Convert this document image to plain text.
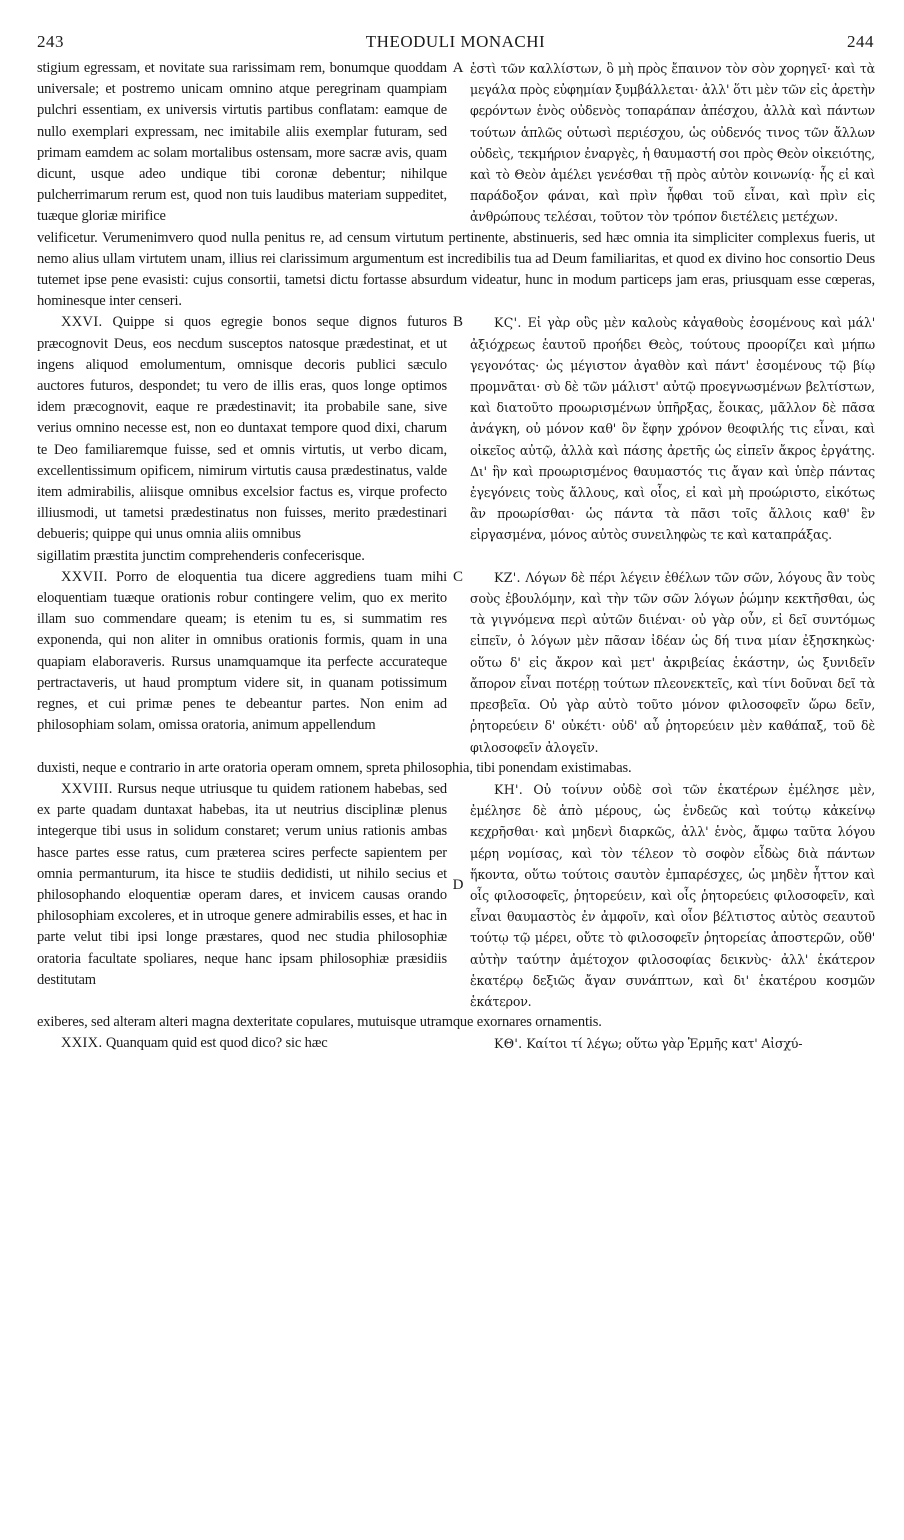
243	THEODULI MONACHI	244
A

stigium egressam, et novitate sua rarissimam rem, bonumque quoddam universale; et postremo unicam omnino atque peregrinam quampiam pulchri essentiam, ex universis virtutis partibus conflatam: eamque de nullo exemplari expressam, nec imitabile aliis exemplar futuram, sed primam eamdem ac solam mortalibus ostensam, more sacræ avis, quam dicunt, usque adeo undique tibi coronæ debentur; nihilque pulcherrimarum rerum est, quod non tuis laudibus materiam suppeditet, tuæque gloriæ mirifice

ἐστὶ τῶν καλλίστων, ὃ μὴ πρὸς ἔπαινον τὸν σὸν χορηγεῖ· καὶ τὰ μεγάλα πρὸς εὐφημίαν ξυμβάλλεται· ἀλλ' ὅτι μὲν τῶν εἰς ἀρετὴν φερόντων ἑνὸς οὐδενὸς τοπαράπαν ἀπέσχου, ἀλλὰ καὶ πάντων τούτων ἁπλῶς οὑτωσὶ περιέσχου, ὡς οὐδενός τινος τῶν ἄλλων οὐδεὶς, τεκμήριον ἐναργὲς, ἡ θαυμαστή σοι πρὸς Θεὸν οἰκειότης, καὶ τὸ Θεὸν ἀμέλει γενέσθαι τῇ πρὸς αὐτὸν κοινωνίᾳ· ἧς εἰ καὶ παράδοξον φάναι, καὶ πρὶν ἧφθαι τοῦ εἶναι, καὶ πρὶν εἰς ἀνθρώπους τελέσαι, τοῦτον τὸν τρόπον διετέλεις μετέχων.

velificetur. Verumenimvero quod nulla penitus re, ad censum virtutum pertinente, abstinueris, sed hæc omnia ita simpliciter complexus fueris, ut nemo alius ullam virtutem unam, illius rei clarissimum argumentum est incredibilis tua ad Deum familiaritas, et quod ex divino hoc consortio Deus tutemet ipse pene evasisti: cujus consortii, tametsi dictu fortasse absurdum videatur, hunc in modum particeps jam eras, priusquam esse cœperas, hominesque inter censeri.

B

XXVI. Quippe si quos egregie bonos seque dignos futuros præcognovit Deus, eos necdum susceptos natosque prædestinat, et ut ingens aliquod emolumentum, omnisque decoris publici sæculo auctores futuros, despondet; tu vero de illis eras, quos longe optimos idem præcognovit, eaque re prædestinavit; ita probabile sane, sive verius omnino necesse est, non eo duntaxat tempore quod dixi, charum te Deo familiaremque fuisse, sed et omnis virtutis, ut verbo dicam, excellentissimum opificem, nimirum virtutis causa prædestinatus, valde item admirabilis, aliisque omnibus excelsior factus es, virque profecto illiusmodi, ut tametsi prædestinatus non fuisses, merito prædestinari debueris; quippe qui unus omnia aliis omnibus

ΚϚ'. Εἰ γὰρ οὓς μὲν καλοὺς κἀγαθοὺς ἐσομένους καὶ μάλ' ἀξιόχρεως ἑαυτοῦ προήδει Θεὸς, τούτους προορίζει καὶ μήπω γεγονότας· ὡς μέγιστον ἀγαθὸν καὶ πάντ' ἐσομένους τῷ βίῳ προμνᾶται· σὺ δὲ τῶν μάλιστ' αὐτῷ προεγνωσμένων βελτίστων, καὶ διατοῦτο προωρισμένων ὑπῆρξας, ἔοικας, μᾶλλον δὲ πᾶσα ἀνάγκη, οὐ μόνον καθ' ὃν ἔφην χρόνον θεοφιλής τις εἶναι, καὶ οἰκεῖος αὐτῷ, ἀλλὰ καὶ πάσης ἀρετῆς ὡς εἰπεῖν ἄκρος ἐργάτης. Δι' ἣν καὶ προωρισμένος θαυμαστός τις ἄγαν καὶ ὑπὲρ πάντας ἐγεγόνεις τοὺς ἄλλους, καὶ οἷος, εἰ καὶ μὴ προώριστο, εἰκότως ἂν προωρίσθαι· ὡς πάντα τὰ πᾶσι τοῖς ἄλλοις καθ' ἓν εἰργασμένα, μόνος αὐτὸς συνειληφὼς τε καὶ καταπράξας.

sigillatim præstita junctim comprehenderis confecerisque.

C

XXVII. Porro de eloquentia tua dicere aggrediens tuam mihi eloquentiam tuæque orationis robur contingere velim, quo ex merito illam suo commendare queam; is etenim tu es, si summatim res exponenda, qui non aliter in omnibus orationis formis, quam in una quapiam elaboraveris. Rursus unamquamque ita perfecte accurateque pertractaveris, ut haud promptum videre sit, in quanam potissimum regnes, et cui primæ penes te debeantur partes. Non enim ad philosophiam solam, omissa oratoria, animum appellendum

ΚΖ'. Λόγων δὲ πέρι λέγειν ἐθέλων τῶν σῶν, λόγους ἂν τοὺς σοὺς ἐβουλόμην, καὶ τὴν τῶν σῶν λόγων ῥώμην κεκτῆσθαι, ὡς τὰ γιγνόμενα περὶ αὐτῶν διιέναι· οὐ γὰρ οὖν, εἰ δεῖ συντόμως εἰπεῖν, ὁ λόγων μὲν πᾶσαν ἰδέαν ὡς δή τινα μίαν ἐξησκηκὼς· οὕτω δ' εἰς ἄκρον καὶ μετ' ἀκριβείας ἑκάστην, ὡς ξυνιδεῖν ἄπορον εἶναι ποτέρῃ τούτων πλεονεκτεῖς, καὶ τίνι δοῦναι δεῖ τὰ πρεσβεῖα. Οὐ γὰρ αὐτὸ τοῦτο μόνον φιλοσοφεῖν ὥρω δεῖν, ῥητορεύειν δ' οὐκέτι· οὐδ' αὖ ῥητορεύειν μὲν καθάπαξ, τοῦ δὲ φιλοσοφεῖν ἀλογεῖν.

duxisti, neque e contrario in arte oratoria operam omnem, spreta philosophia, tibi ponendam existimabas.

D

XXVIII. Rursus neque utriusque tu quidem rationem habebas, sed ex parte quadam duntaxat habebas, ita ut neutrius disciplinæ plenus integerque tibi usus in solidum constaret; verum unius rationis ambas hasce partes esse ratus, cum præterea scires perfecte sapientem per omnia permanturum, ita hisce te studiis dedidisti, ut nihilo secius et philosophando eloquentiæ operam dares, et invicem causas orando philosophiam excoleres, et in utroque genere admirabilis esses, et hac in parte velut tibi ipsi longe præstares, quod nec studia philosophiæ oratoria facultate spoliares, neque hanc ipsam philosophiæ præsidiis destitutam

ΚΗ'. Οὐ τοίνυν οὐδὲ σοὶ τῶν ἑκατέρων ἐμέλησε μὲν, ἐμέλησε δὲ ἀπὸ μέρους, ὡς ἐνδεῶς καὶ τούτῳ κἀκείνῳ κεχρῆσθαι· καὶ μηδενὶ διαρκῶς, ἀλλ' ἑνὸς, ἄμφω ταῦτα λόγου μέρη νομίσας, καὶ τὸν τέλεον τὸ σοφὸν εἶδὼς διὰ πάντων ἥκοντα, οὕτω τούτοις σαυτὸν ἐμπαρέσχες, ὡς μηδὲν ἧττον καὶ οἷς φιλοσοφεῖς, ῥητορεύειν, καὶ οἷς ῥητορεύεις φιλοσοφεῖν, καὶ εἶναι θαυμαστὸς ἐν ἀμφοῖν, καὶ οἷον βέλτιστος αὐτὸς σεαυτοῦ τούτῳ τῷ μέρει, οὔτε τὸ φιλοσοφεῖν ῥητορείας ἀποστερῶν, οὔθ' αὐτὴν ταύτην ἀμέτοχον φιλοσοφίας δεικνὺς· ἀλλ' ἑκάτερον ἑκατέρῳ δεξιῶς ἄγαν συνάπτων, καὶ δι' ἑκατέρου κοσμῶν ἑκάτερον.

exiberes, sed alteram alteri magna dexteritate copulares, mutuisque utramque exornares ornamentis.

XXIX. Quanquam quid est quod dico? sic hæc	ΚΘ'. Καίτοι τί λέγω; οὕτω γὰρ Ἑρμῆς κατ' Αἰσχύ-
